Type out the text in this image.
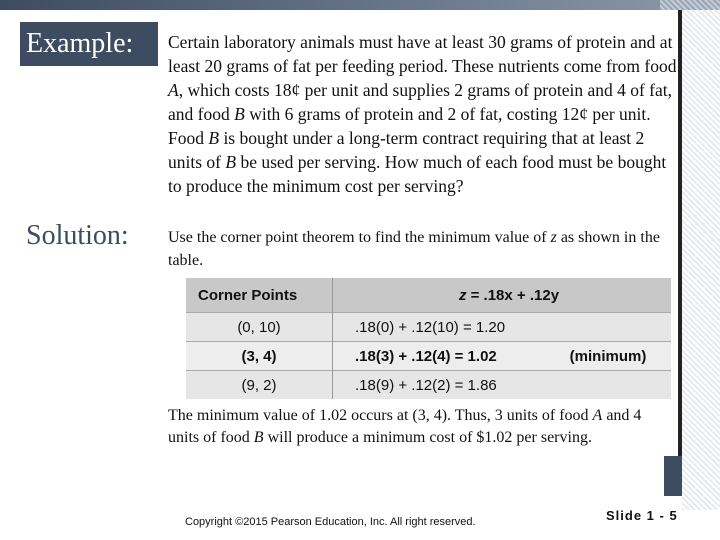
Example:	Certain laboratory animals must have at least 30 grams of protein and at least 20 grams of fat per feeding period. These nutrients come from food A, which costs 18¢ per unit and supplies 2 grams of protein and 4 of fat, and food B with 6 grams of protein and 2 of fat, costing 12¢ per unit. Food B is bought under a long-term contract requiring that at least 2 units of B be used per serving. How much of each food must be bought to produce the minimum cost per serving?
Solution:	Use the corner point theorem to find the minimum value of z as shown in the table.
Corner Points	z = .18x + .12y	
(0, 10)	.18(0) + .12(10) = 1.20	
(3, 4)	.18(3) + .12(4) = 1.02	(minimum)
(9, 2)	.18(9) + .12(2) = 1.86	
The minimum value of 1.02 occurs at (3, 4). Thus, 3 units of food A and 4 units of food B will produce a minimum cost of $1.02 per serving.
Copyright ©2015 Pearson Education, Inc. All right reserved.	Slide 1 - 5
